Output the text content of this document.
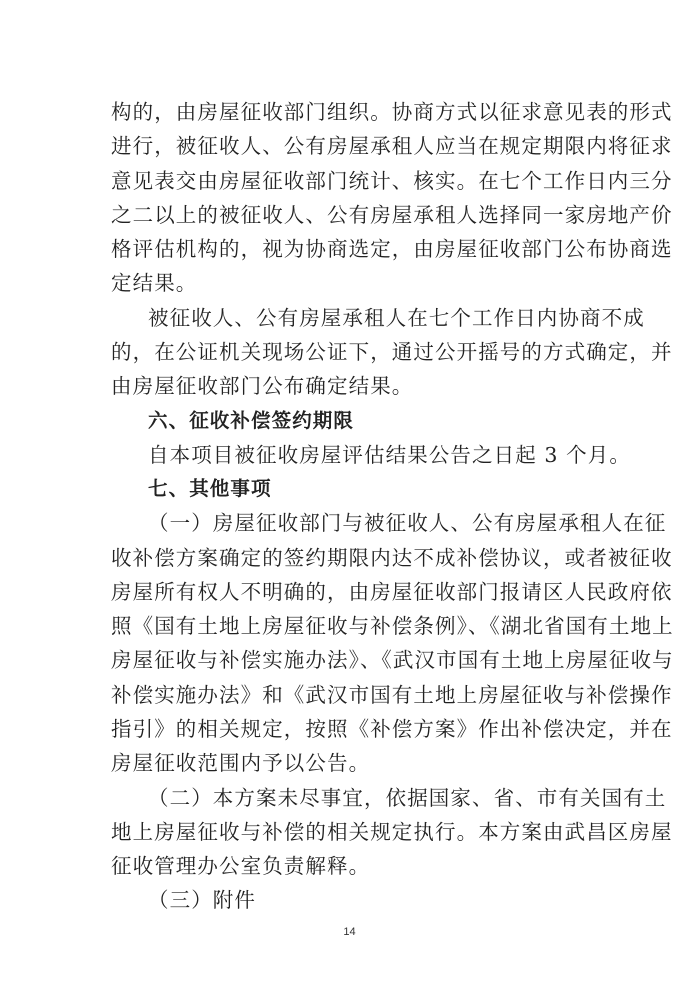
构的，由房屋征收部门组织。协商方式以征求意见表的形式
进行，被征收人、公有房屋承租人应当在规定期限内将征求
意见表交由房屋征收部门统计、核实。在七个工作日内三分
之二以上的被征收人、公有房屋承租人选择同一家房地产价
格评估机构的，视为协商选定，由房屋征收部门公布协商选
定结果。
被征收人、公有房屋承租人在七个工作日内协商不成
的，在公证机关现场公证下，通过公开摇号的方式确定，并
由房屋征收部门公布确定结果。
六、征收补偿签约期限
自本项目被征收房屋评估结果公告之日起 3 个月。
七、其他事项
（一）房屋征收部门与被征收人、公有房屋承租人在征
收补偿方案确定的签约期限内达不成补偿协议，或者被征收
房屋所有权人不明确的，由房屋征收部门报请区人民政府依
照《国有土地上房屋征收与补偿条例》、《湖北省国有土地上
房屋征收与补偿实施办法》、《武汉市国有土地上房屋征收与
补偿实施办法》和《武汉市国有土地上房屋征收与补偿操作
指引》的相关规定，按照《补偿方案》作出补偿决定，并在
房屋征收范围内予以公告。
（二）本方案未尽事宜，依据国家、省、市有关国有土
地上房屋征收与补偿的相关规定执行。本方案由武昌区房屋
征收管理办公室负责解释。
（三）附件
14
